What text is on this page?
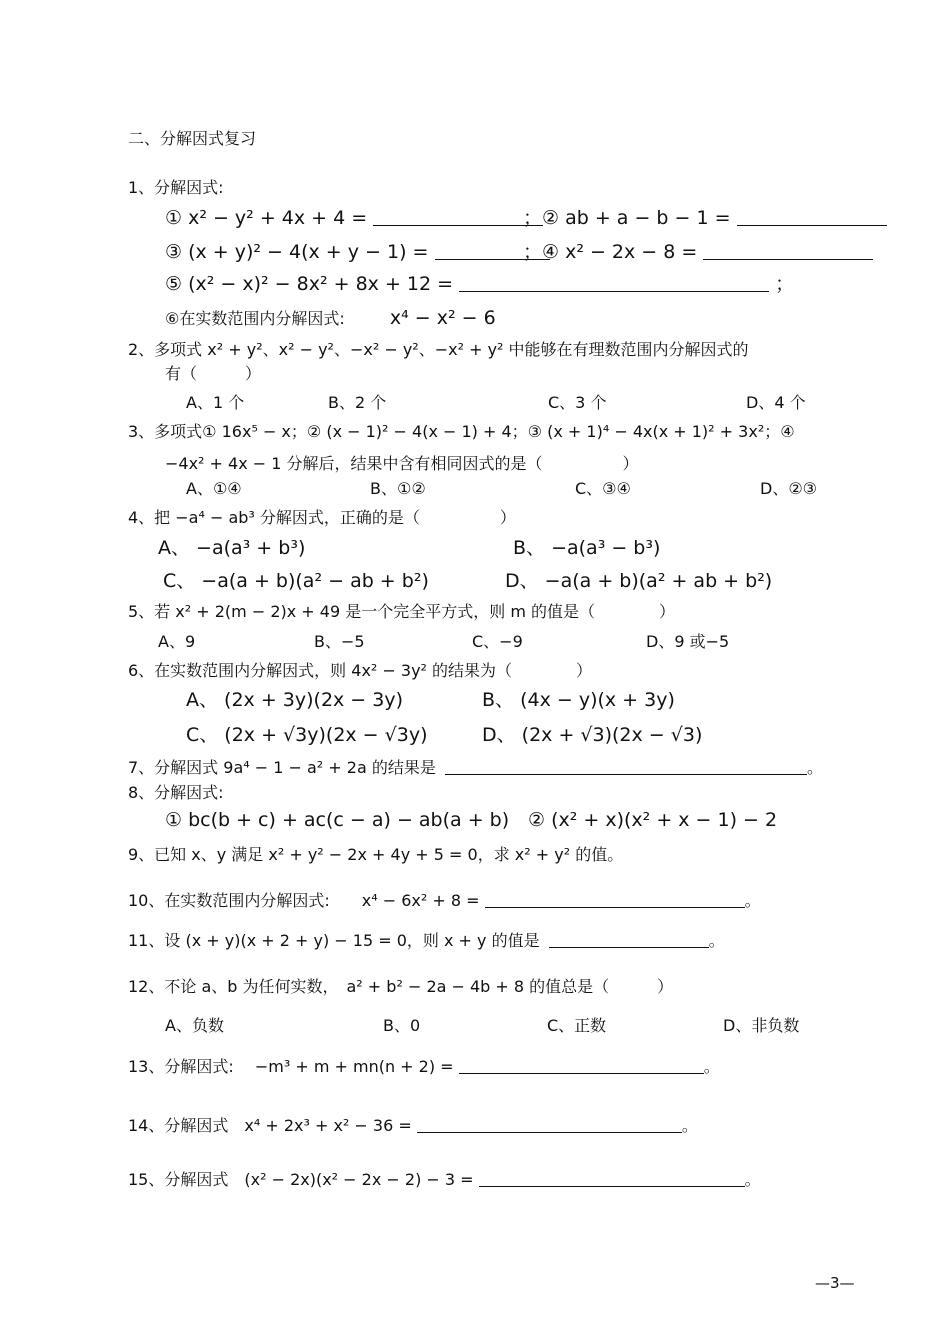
二、分解因式复习
1、分解因式:
① x² − y² + 4x + 4 =	；② ab + a − b − 1 =
③ (x + y)² − 4(x + y − 1) =	；④ x² − 2x − 8 =
⑤ (x² − x)² − 8x² + 8x + 12 =	；
⑥在实数范围内分解因式: x⁴ − x² − 6
2、多项式 x² + y²、x² − y²、−x² − y²、−x² + y² 中能够在有理数范围内分解因式的
有（　　　）
A、1 个	B、2 个	C、3 个	D、4 个
3、多项式① 16x⁵ − x；② (x − 1)² − 4(x − 1) + 4；③ (x + 1)⁴ − 4x(x + 1)² + 3x²；④
−4x² + 4x − 1 分解后，结果中含有相同因式的是（　　　　　）
A、①④	B、①②	C、③④	D、②③
4、把 −a⁴ − ab³ 分解因式，正确的是（　　　　　）
A、 −a(a³ + b³)	B、 −a(a³ − b³)
C、 −a(a + b)(a² − ab + b²)	D、 −a(a + b)(a² + ab + b²)
5、若 x² + 2(m − 2)x + 49 是一个完全平方式，则 m 的值是（　　　　）
A、9	B、−5	C、−9	D、9 或−5
6、在实数范围内分解因式，则 4x² − 3y² 的结果为（　　　　）
A、 (2x + 3y)(2x − 3y)	B、 (4x − y)(x + 3y)
C、 (2x + √3y)(2x − √3y)	D、 (2x + √3)(2x − √3)
7、分解因式 9a⁴ − 1 − a² + 2a 的结果是	。
8、分解因式:
① bc(b + c) + ac(c − a) − ab(a + b) ② (x² + x)(x² + x − 1) − 2
9、已知 x、y 满足 x² + y² − 2x + 4y + 5 = 0，求 x² + y² 的值。
10、在实数范围内分解因式:　　x⁴ − 6x² + 8 =	。
11、设 (x + y)(x + 2 + y) − 15 = 0，则 x + y 的值是	。
12、不论 a、b 为任何实数，　a² + b² − 2a − 4b + 8 的值总是（　　　）
A、负数	B、0	C、正数	D、非负数
13、分解因式:　 −m³ + m + mn(n + 2) =	。
14、分解因式　x⁴ + 2x³ + x² − 36 =	。
15、分解因式　(x² − 2x)(x² − 2x − 2) − 3 =	。
—3—
